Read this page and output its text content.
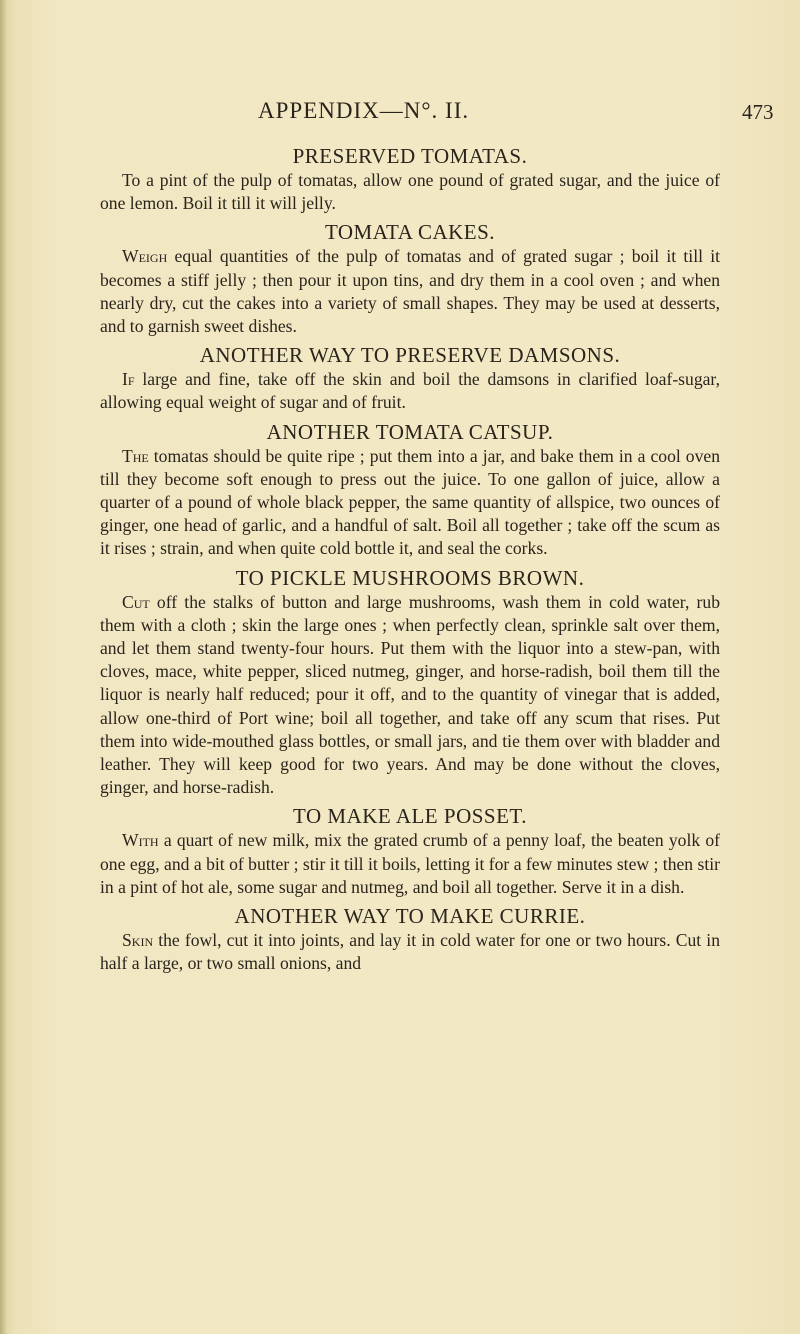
APPENDIX—N°. II.	473
PRESERVED TOMATAS.

To a pint of the pulp of tomatas, allow one pound of grated sugar, and the juice of one lemon. Boil it till it will jelly.

TOMATA CAKES.

Weigh equal quantities of the pulp of tomatas and of grated sugar ; boil it till it becomes a stiff jelly ; then pour it upon tins, and dry them in a cool oven ; and when nearly dry, cut the cakes into a variety of small shapes. They may be used at desserts, and to garnish sweet dishes.

ANOTHER WAY TO PRESERVE DAMSONS.

If large and fine, take off the skin and boil the damsons in clarified loaf-sugar, allowing equal weight of sugar and of fruit.

ANOTHER TOMATA CATSUP.

The tomatas should be quite ripe ; put them into a jar, and bake them in a cool oven till they become soft enough to press out the juice. To one gallon of juice, allow a quarter of a pound of whole black pepper, the same quantity of allspice, two ounces of ginger, one head of garlic, and a handful of salt. Boil all together ; take off the scum as it rises ; strain, and when quite cold bottle it, and seal the corks.

TO PICKLE MUSHROOMS BROWN.

Cut off the stalks of button and large mushrooms, wash them in cold water, rub them with a cloth ; skin the large ones ; when perfectly clean, sprinkle salt over them, and let them stand twenty-four hours. Put them with the liquor into a stew-pan, with cloves, mace, white pepper, sliced nutmeg, ginger, and horse-radish, boil them till the liquor is nearly half reduced; pour it off, and to the quantity of vinegar that is added, allow one-third of Port wine; boil all together, and take off any scum that rises. Put them into wide-mouthed glass bottles, or small jars, and tie them over with bladder and leather. They will keep good for two years. And may be done without the cloves, ginger, and horse-radish.

TO MAKE ALE POSSET.

With a quart of new milk, mix the grated crumb of a penny loaf, the beaten yolk of one egg, and a bit of butter ; stir it till it boils, letting it for a few minutes stew ; then stir in a pint of hot ale, some sugar and nutmeg, and boil all together. Serve it in a dish.

ANOTHER WAY TO MAKE CURRIE.

Skin the fowl, cut it into joints, and lay it in cold water for one or two hours. Cut in half a large, or two small onions, and
